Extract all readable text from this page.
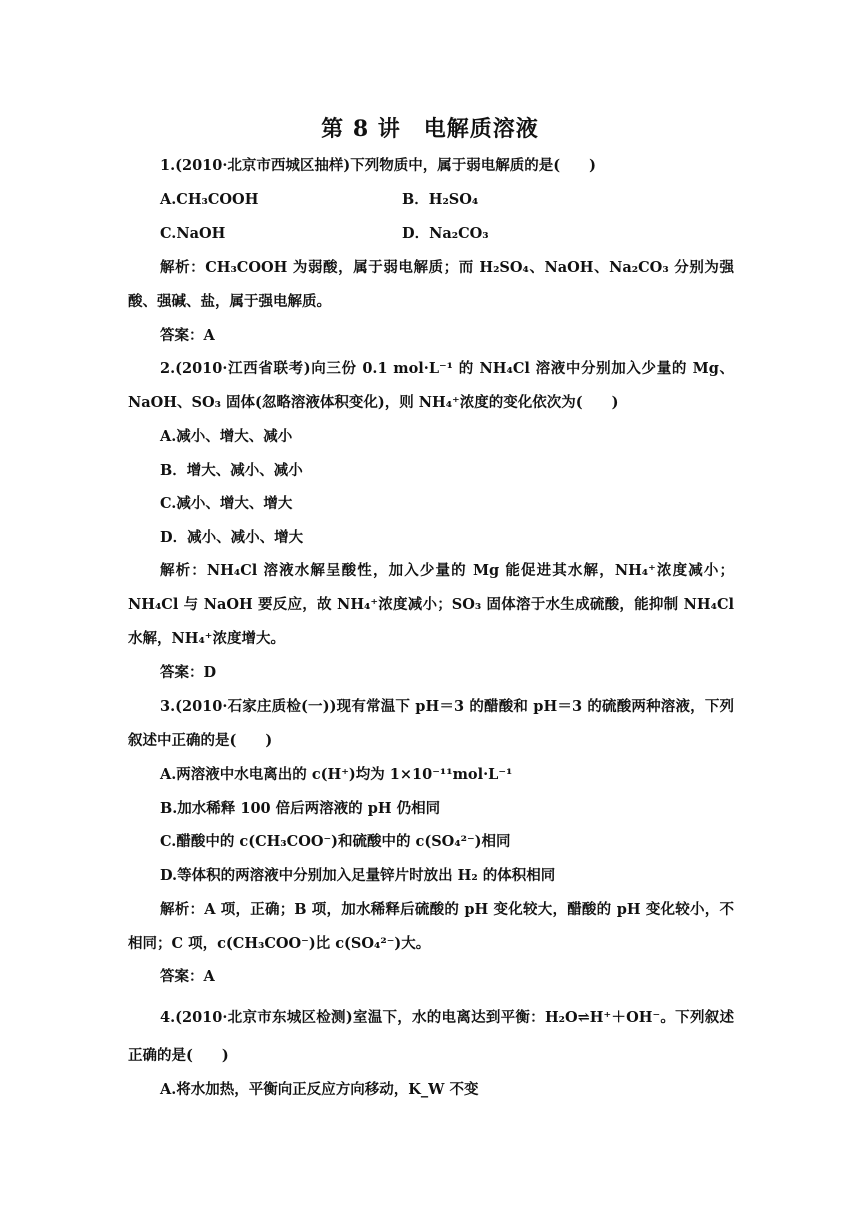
第 8 讲　电解质溶液
1.(2010·北京市西城区抽样)下列物质中，属于弱电解质的是(　　)
A.CH₃COOH	B．H₂SO₄
C.NaOH	D．Na₂CO₃
解析：CH₃COOH 为弱酸，属于弱电解质；而 H₂SO₄、NaOH、Na₂CO₃ 分别为强酸、强碱、盐，属于强电解质。
答案：A
2.(2010·江西省联考)向三份 0.1 mol·L⁻¹ 的 NH₄Cl 溶液中分别加入少量的 Mg、NaOH、SO₃ 固体(忽略溶液体积变化)，则 NH₄⁺浓度的变化依次为(　　)
A.减小、增大、减小
B．增大、减小、减小
C.减小、增大、增大
D．减小、减小、增大
解析：NH₄Cl 溶液水解呈酸性，加入少量的 Mg 能促进其水解，NH₄⁺浓度减小；NH₄Cl 与 NaOH 要反应，故 NH₄⁺浓度减小；SO₃ 固体溶于水生成硫酸，能抑制 NH₄Cl 水解，NH₄⁺浓度增大。
答案：D
3.(2010·石家庄质检(一))现有常温下 pH＝3 的醋酸和 pH＝3 的硫酸两种溶液，下列叙述中正确的是(　　)
A.两溶液中水电离出的 c(H⁺)均为 1×10⁻¹¹mol·L⁻¹
B.加水稀释 100 倍后两溶液的 pH 仍相同
C.醋酸中的 c(CH₃COO⁻)和硫酸中的 c(SO₄²⁻)相同
D.等体积的两溶液中分别加入足量锌片时放出 H₂ 的体积相同
解析：A 项，正确；B 项，加水稀释后硫酸的 pH 变化较大，醋酸的 pH 变化较小，不相同；C 项，c(CH₃COO⁻)比 c(SO₄²⁻)大。
答案：A
4.(2010·北京市东城区检测)室温下，水的电离达到平衡：H₂O⇌H⁺＋OH⁻。下列叙述正确的是(　　)
A.将水加热，平衡向正反应方向移动，K_W 不变
